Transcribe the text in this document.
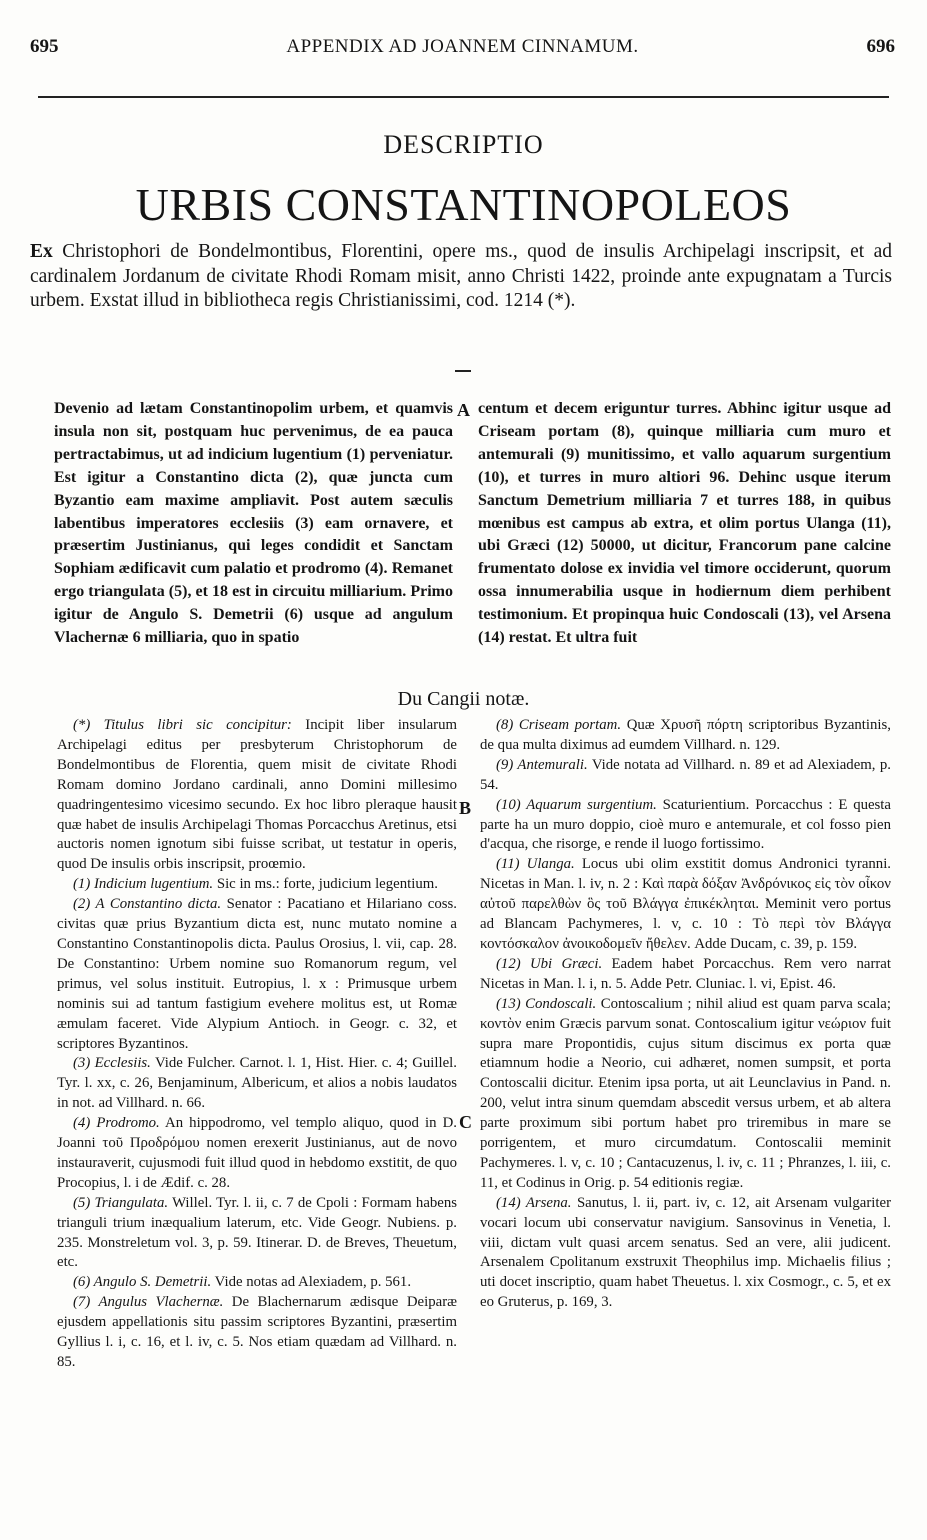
695	APPENDIX AD JOANNEM CINNAMUM.	696
DESCRIPTIO
URBIS CONSTANTINOPOLEOS

Ex Christophori de Bondelmontibus, Florentini, opere ms., quod de insulis Archipelagi inscripsit, et ad cardinalem Jordanum de civitate Rhodi Romam misit, anno Christi 1422, proinde ante expugnatam a Turcis urbem. Exstat illud in bibliotheca regis Christianissimi, cod. 1214 (*).

Devenio ad lætam Constantinopolim urbem, et quamvis insula non sit, postquam huc pervenimus, de ea pauca pertractabimus, ut ad indicium lugentium (1) perveniatur. Est igitur a Constantino dicta (2), quæ juncta cum Byzantio eam maxime ampliavit. Post autem sæculis labentibus imperatores ecclesiis (3) eam ornavere, et præsertim Justinianus, qui leges condidit et Sanctam Sophiam ædificavit cum palatio et prodromo (4). Remanet ergo triangulata (5), et 18 est in circuitu milliarium. Primo igitur de Angulo S. Demetrii (6) usque ad angulum Vlachernæ 6 milliaria, quo in spatio
centum et decem eriguntur turres. Abhinc igitur usque ad Criseam portam (8), quinque milliaria cum muro et antemurali (9) munitissimo, et vallo aquarum surgentium (10), et turres in muro altiori 96. Dehinc usque iterum Sanctum Demetrium milliaria 7 et turres 188, in quibus mœnibus est campus ab extra, et olim portus Ulanga (11), ubi Græci (12) 50000, ut dicitur, Francorum pane calcine frumentato dolose ex invidia vel timore occiderunt, quorum ossa innumerabilia usque in hodiernum diem perhibent testimonium. Et propinqua huic Condoscali (13), vel Arsena (14) restat. Et ultra fuit
A
B
C
Du Cangii notæ.

(*) Titulus libri sic concipitur: Incipit liber insularum Archipelagi editus per presbyterum Christophorum de Bondelmontibus de Florentia, quem misit de civitate Rhodi Romam domino Jordano cardinali, anno Domini millesimo quadringentesimo vicesimo secundo. Ex hoc libro pleraque hausit quæ habet de insulis Archipelagi Thomas Porcacchus Aretinus, etsi auctoris nomen ignotum sibi fuisse scribat, ut testatur in operis, quod De insulis orbis inscripsit, proœmio.

(1) Indicium lugentium. Sic in ms.: forte, judicium legentium.

(2) A Constantino dicta. Senator : Pacatiano et Hilariano coss. civitas quæ prius Byzantium dicta est, nunc mutato nomine a Constantino Constantinopolis dicta. Paulus Orosius, l. vii, cap. 28. De Constantino: Urbem nomine suo Romanorum regum, vel primus, vel solus instituit. Eutropius, l. x : Primusque urbem nominis sui ad tantum fastigium evehere molitus est, ut Romæ æmulam faceret. Vide Alypium Antioch. in Geogr. c. 32, et scriptores Byzantinos.

(3) Ecclesiis. Vide Fulcher. Carnot. l. 1, Hist. Hier. c. 4; Guillel. Tyr. l. xx, c. 26, Benjaminum, Albericum, et alios a nobis laudatos in not. ad Villhard. n. 66.

(4) Prodromo. An hippodromo, vel templo aliquo, quod in D. Joanni τοῦ Προδρόμου nomen erexerit Justinianus, aut de novo instauraverit, cujusmodi fuit illud quod in hebdomo exstitit, de quo Procopius, l. i de Ædif. c. 28.

(5) Triangulata. Willel. Tyr. l. ii, c. 7 de Cpoli : Formam habens trianguli trium inæqualium laterum, etc. Vide Geogr. Nubiens. p. 235. Monstreletum vol. 3, p. 59. Itinerar. D. de Breves, Theuetum, etc.

(6) Angulo S. Demetrii. Vide notas ad Alexiadem, p. 561.

(7) Angulus Vlachernæ. De Blachernarum ædisque Deiparæ ejusdem appellationis situ passim scriptores Byzantini, præsertim Gyllius l. i, c. 16, et l. iv, c. 5. Nos etiam quædam ad Villhard. n. 85.

(8) Criseam portam. Quæ Χρυσῆ πόρτη scriptoribus Byzantinis, de qua multa diximus ad eumdem Villhard. n. 129.

(9) Antemurali. Vide notata ad Villhard. n. 89 et ad Alexiadem, p. 54.

(10) Aquarum surgentium. Scaturientium. Porcacchus : E questa parte ha un muro doppio, cioè muro e antemurale, et col fosso pien d'acqua, che risorge, e rende il luogo fortissimo.

(11) Ulanga. Locus ubi olim exstitit domus Andronici tyranni. Nicetas in Man. l. iv, n. 2 : Καὶ παρὰ δόξαν Ἀνδρόνικος εἰς τὸν οἶκον αὐτοῦ παρελθὼν ὃς τοῦ Βλάγγα ἐπικέκληται. Meminit vero portus ad Blancam Pachymeres, l. v, c. 10 : Τὸ περὶ τὸν Βλάγγα κοντόσκαλον ἀνοικοδομεῖν ἤθελεν. Adde Ducam, c. 39, p. 159.

(12) Ubi Græci. Eadem habet Porcacchus. Rem vero narrat Nicetas in Man. l. i, n. 5. Adde Petr. Cluniac. l. vi, Epist. 46.

(13) Condoscali. Contoscalium ; nihil aliud est quam parva scala; κοντὸν enim Græcis parvum sonat. Contoscalium igitur νεώριον fuit supra mare Propontidis, cujus situm discimus ex porta quæ etiamnum hodie a Neorio, cui adhæret, nomen sumpsit, et porta Contoscalii dicitur. Etenim ipsa porta, ut ait Leunclavius in Pand. n. 200, velut intra sinum quemdam abscedit versus urbem, et ab altera parte proximum sibi portum habet pro triremibus in mare se porrigentem, et muro circumdatum. Contoscalii meminit Pachymeres. l. v, c. 10 ; Cantacuzenus, l. iv, c. 11 ; Phranzes, l. iii, c. 11, et Codinus in Orig. p. 54 editionis regiæ.

(14) Arsena. Sanutus, l. ii, part. iv, c. 12, ait Arsenam vulgariter vocari locum ubi conservatur navigium. Sansovinus in Venetia, l. viii, dictam vult quasi arcem senatus. Sed an vere, alii judicent. Arsenalem Cpolitanum exstruxit Theophilus imp. Michaelis filius ; uti docet inscriptio, quam habet Theuetus. l. xix Cosmogr., c. 5, et ex eo Gruterus, p. 169, 3.
